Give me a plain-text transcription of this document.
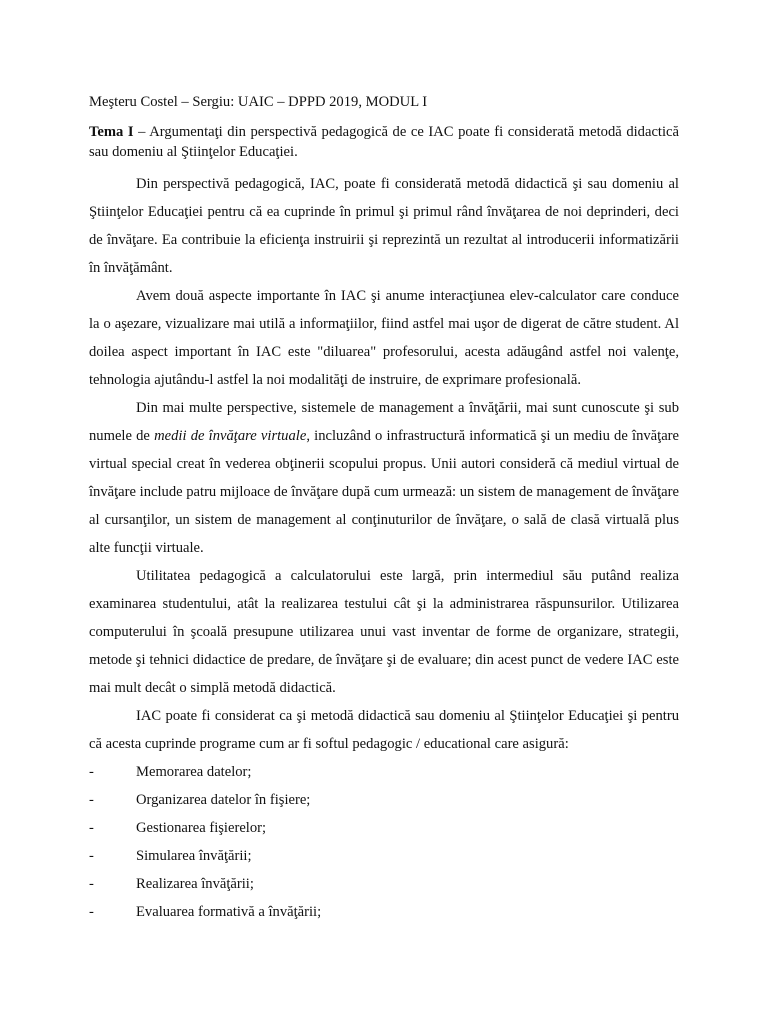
Meşteru Costel – Sergiu: UAIC – DPPD 2019, MODUL I
Tema I – Argumentaţi din perspectivă pedagogică de ce IAC poate fi considerată metodă didactică sau domeniu al Ştiinţelor Educaţiei.

Din perspectivă pedagogică, IAC, poate fi considerată metodă didactică şi sau domeniu al Ştiinţelor Educaţiei pentru că ea cuprinde în primul şi primul rând învăţarea de noi deprinderi, deci de învăţare. Ea contribuie la eficienţa instruirii şi reprezintă un rezultat al introducerii informatizării în învăţământ.

Avem două aspecte importante în IAC şi anume interacţiunea elev-calculator care conduce la o aşezare, vizualizare mai utilă a informaţiilor, fiind astfel mai uşor de digerat de către student. Al doilea aspect important în IAC este "diluarea" profesorului, acesta adăugând astfel noi valenţe, tehnologia ajutându-l astfel la noi modalităţi de instruire, de exprimare profesională.

Din mai multe perspective, sistemele de management a învăţării, mai sunt cunoscute şi sub numele de medii de învăţare virtuale, incluzând o infrastructură informatică şi un mediu de învăţare virtual special creat în vederea obţinerii scopului propus. Unii autori consideră că mediul virtual de învăţare include patru mijloace de învăţare după cum urmează: un sistem de management de învăţare al cursanţilor, un sistem de management al conţinuturilor de învăţare, o sală de clasă virtuală plus alte funcţii virtuale.

Utilitatea pedagogică a calculatorului este largă, prin intermediul său putând realiza examinarea studentului, atât la realizarea testului cât şi la administrarea răspunsurilor. Utilizarea computerului în şcoală presupune utilizarea unui vast inventar de forme de organizare, strategii, metode şi tehnici didactice de predare, de învăţare şi de evaluare; din acest punct de vedere IAC este mai mult decât o simplă metodă didactică.

IAC poate fi considerat ca şi metodă didactică sau domeniu al Ştiinţelor Educaţiei şi pentru că acesta cuprinde programe cum ar fi softul pedagogic / educational care asigură:

-	Memorarea datelor;
-	Organizarea datelor în fişiere;
-	Gestionarea fişierelor;
-	Simularea învăţării;
-	Realizarea învăţării;
-	Evaluarea formativă a învăţării;
